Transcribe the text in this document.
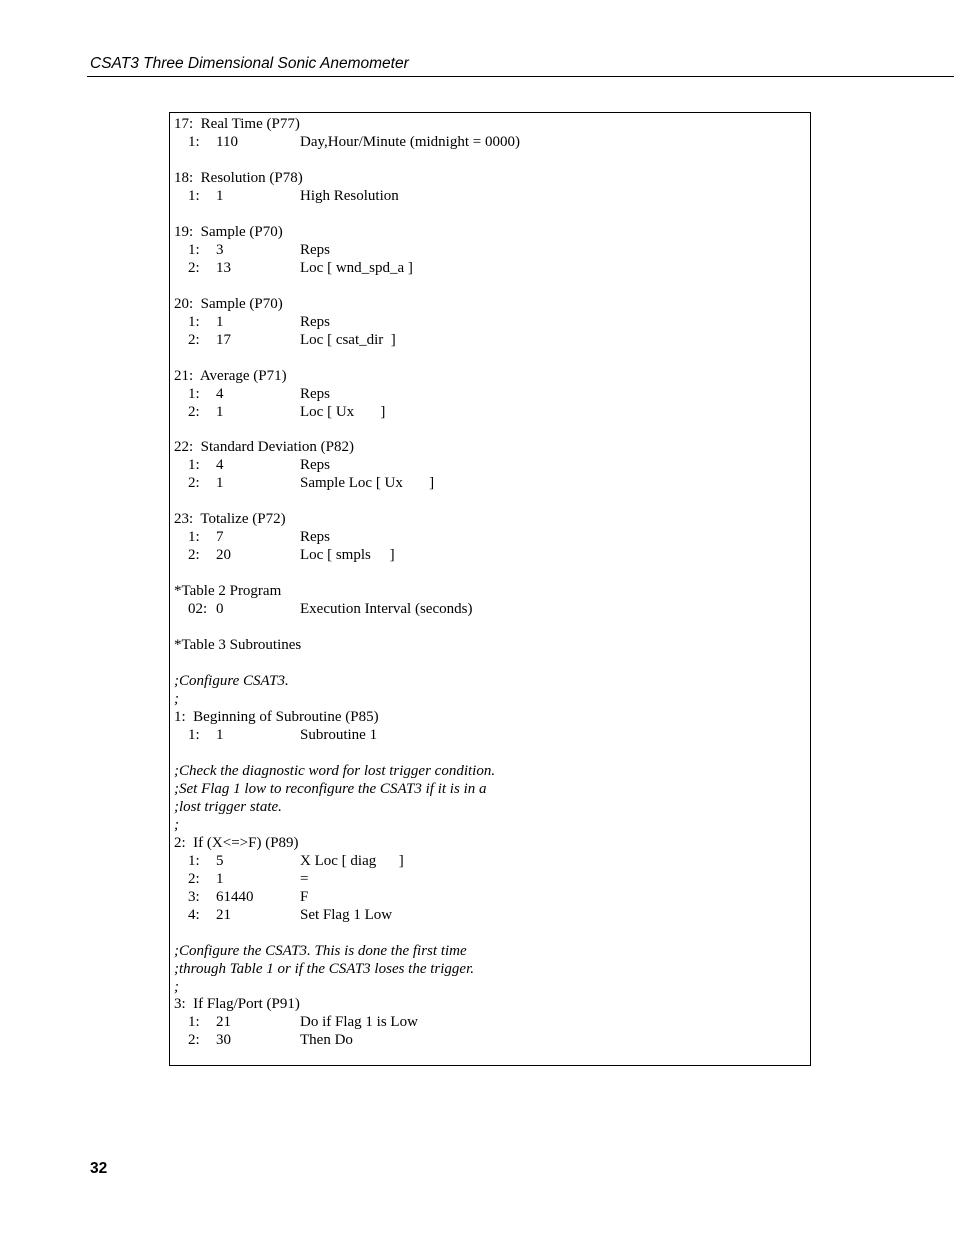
CSAT3 Three Dimensional Sonic Anemometer
17:  Real Time (P77)
1: 110	Day,Hour/Minute (midnight = 0000)
18:  Resolution (P78)
1: 1	High Resolution
19:  Sample (P70)
1: 3	Reps
2: 13	Loc [ wnd_spd_a ]
20:  Sample (P70)
1: 1	Reps
2: 17	Loc [ csat_dir  ]
21:  Average (P71)
1: 4	Reps
2: 1	Loc [ Ux       ]
22:  Standard Deviation (P82)
1: 4	Reps
2: 1	Sample Loc [ Ux       ]
23:  Totalize (P72)
1: 7	Reps
2: 20	Loc [ smpls     ]
*Table 2 Program
02: 0	Execution Interval (seconds)
*Table 3 Subroutines
;Configure CSAT3.
;
1:  Beginning of Subroutine (P85)
1: 1	Subroutine 1
;Check the diagnostic word for lost trigger condition.
;Set Flag 1 low to reconfigure the CSAT3 if it is in a
;lost trigger state.
;
2:  If (X<=>F) (P89)
1: 5	X Loc [ diag      ]
2: 1	=
3: 61440	F
4: 21	Set Flag 1 Low
;Configure the CSAT3. This is done the first time
;through Table 1 or if the CSAT3 loses the trigger.
;
3:  If Flag/Port (P91)
1: 21	Do if Flag 1 is Low
2: 30	Then Do
32
